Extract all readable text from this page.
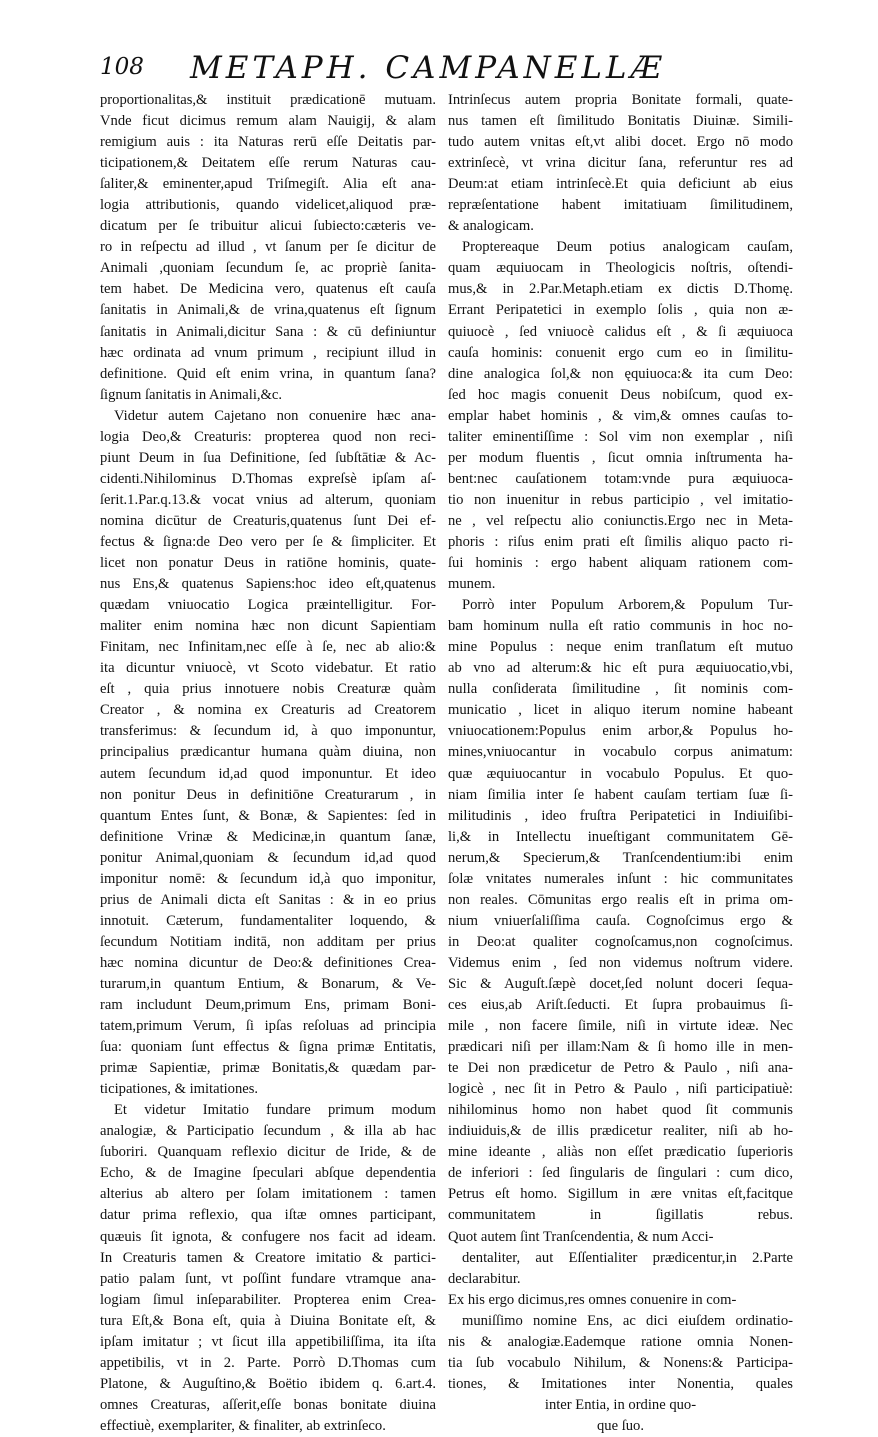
108 METAPH. CAMPANELLÆ

proportionalitas,& instituit prædicationē mutuam.

Vnde ficut dicimus remum alam Nauigij, & alam

remigium auis : ita Naturas rerū eſſe Deitatis par-

ticipationem,& Deitatem eſſe rerum Naturas cau-

ſaliter,& eminenter,apud Triſmegiſt. Alia eſt ana-

logia attributionis, quando videlicet,aliquod præ-

dicatum per ſe tribuitur alicui ſubiecto:cæteris ve-

ro in reſpectu ad illud , vt ſanum per ſe dicitur de

Animali ,quoniam ſecundum ſe, ac propriè ſanita-

tem habet. De Medicina vero, quatenus eſt cauſa

ſanitatis in Animali,& de vrina,quatenus eſt ſignum

ſanitatis in Animali,dicitur Sana : & cū definiuntur

hæc ordinata ad vnum primum , recipiunt illud in

definitione. Quid eſt enim vrina, in quantum ſana?

ſignum ſanitatis in Animali,&c.

Videtur autem Cajetano non conuenire hæc ana-

logia Deo,& Creaturis: propterea quod non reci-

piunt Deum in ſua Definitione, ſed ſubſtātiæ & Ac-

cidenti.Nihilominus D.Thomas expreſsè ipſam aſ-

ſerit.1.Par.q.13.& vocat vnius ad alterum, quoniam

nomina dicūtur de Creaturis,quatenus ſunt Dei ef-

fectus & ſigna:de Deo vero per ſe & ſimpliciter. Et

licet non ponatur Deus in ratiōne hominis, quate-

nus Ens,& quatenus Sapiens:hoc ideo eſt,quatenus

quædam vniuocatio Logica præintelligitur. For-

maliter enim nomina hæc non dicunt Sapientiam

Finitam, nec Infinitam,nec eſſe à ſe, nec ab alio:&

ita dicuntur vniuocè, vt Scoto videbatur. Et ratio

eſt , quia prius innotuere nobis Creaturæ quàm

Creator , & nomina ex Creaturis ad Creatorem

transferimus: & ſecundum id, à quo imponuntur,

principalius prædicantur humana quàm diuina, non

autem ſecundum id,ad quod imponuntur. Et ideo

non ponitur Deus in definitiōne Creaturarum , in

quantum Entes ſunt, & Bonæ, & Sapientes: ſed in

definitione Vrinæ & Medicinæ,in quantum ſanæ,

ponitur Animal,quoniam & ſecundum id,ad quod

imponitur nomē: & ſecundum id,à quo imponitur,

prius de Animali dicta eſt Sanitas : & in eo prius

innotuit. Cæterum, fundamentaliter loquendo, &

ſecundum Notitiam inditā, non additam per prius

hæc nomina dicuntur de Deo:& definitiones Crea-

turarum,in quantum Entium, & Bonarum, & Ve-

ram includunt Deum,primum Ens, primam Boni-

tatem,primum Verum, ſi ipſas reſoluas ad principia

ſua: quoniam ſunt effectus & ſigna primæ Entitatis,

primæ Sapientiæ, primæ Bonitatis,& quædam par-

ticipationes, & imitationes.

Et videtur Imitatio fundare primum modum

analogiæ, & Participatio ſecundum , & illa ab hac

ſuboriri. Quanquam reflexio dicitur de Iride, & de

Echo, & de Imagine ſpeculari abſque dependentia

alterius ab altero per ſolam imitationem : tamen

datur prima reflexio, qua iſtæ omnes participant,

quæuis ſit ignota, & confugere nos facit ad ideam.

In Creaturis tamen & Creatore imitatio & partici-

patio palam ſunt, vt poſſint fundare vtramque ana-

logiam ſimul inſeparabiliter. Propterea enim Crea-

tura Eſt,& Bona eſt, quia à Diuina Bonitate eſt, &

ipſam imitatur ; vt ſicut illa appetibiliſſima, ita iſta

appetibilis, vt in 2. Parte. Porrò D.Thomas cum

Platone, & Auguſtino,& Boëtio ibidem q. 6.art.4.

omnes Creaturas, aſſerit,eſſe bonas bonitate diuina

effectiuè, exemplariter, & finaliter, ab extrinſeco.

Intrinſecus autem propria Bonitate formali, quate-

nus tamen eſt ſimilitudo Bonitatis Diuinæ. Simili-

tudo autem vnitas eſt,vt alibi docet. Ergo nō modo

extrinſecè, vt vrina dicitur ſana, referuntur res ad

Deum:at etiam intrinſecè.Et quia deficiunt ab eius

repræſentatione habent imitatiuam ſimilitudinem,

& analogicam.

Proptereaque Deum potius analogicam cauſam,

quam æquiuocam in Theologicis noſtris, oſtendi-

mus,& in 2.Par.Metaph.etiam ex dictis D.Thomę.

Errant Peripatetici in exemplo ſolis , quia non æ-

quiuocè , ſed vniuocè calidus eſt , & ſi æquiuoca

cauſa hominis: conuenit ergo cum eo in ſimilitu-

dine analogica ſol,& non ęquiuoca:& ita cum Deo:

ſed hoc magis conuenit Deus nobiſcum, quod ex-

emplar habet hominis , & vim,& omnes cauſas to-

taliter eminentiſſime : Sol vim non exemplar , niſi

per modum fluentis , ſicut omnia inſtrumenta ha-

bent:nec cauſationem totam:vnde pura æquiuoca-

tio non inuenitur in rebus participio , vel imitatio-

ne , vel reſpectu alio coniunctis.Ergo nec in Meta-

phoris : riſus enim prati eſt ſimilis aliquo pacto ri-

ſui hominis : ergo habent aliquam rationem com-

munem.

Porrò inter Populum Arborem,& Populum Tur-

bam hominum nulla eſt ratio communis in hoc no-

mine Populus : neque enim tranſlatum eſt mutuo

ab vno ad alterum:& hic eſt pura æquiuocatio,vbi,

nulla conſiderata ſimilitudine , ſit nominis com-

municatio , licet in aliquo iterum nomine habeant

vniuocationem:Populus enim arbor,& Populus ho-

mines,vniuocantur in vocabulo corpus animatum:

quæ æquiuocantur in vocabulo Populus. Et quo-

niam ſimilia inter ſe habent cauſam tertiam ſuæ ſi-

militudinis , ideo fruſtra Peripatetici in Indiuiſibi-

li,& in Intellectu inueſtigant communitatem Gē-

nerum,& Specierum,& Tranſcendentium:ibi enim

ſolæ vnitates numerales inſunt : hic communitates

non reales. Cōmunitas ergo realis eſt in prima om-

nium vniuerſaliſſima cauſa. Cognoſcimus ergo &

in Deo:at qualiter cognoſcamus,non cognoſcimus.

Videmus enim , ſed non videmus noſtrum videre.

Sic & Auguſt.ſæpè docet,ſed nolunt doceri ſequa-

ces eius,ab Ariſt.ſeducti. Et ſupra probauimus ſi-

mile , non facere ſimile, niſi in virtute ideæ. Nec

prædicari niſi per illam:Nam & ſi homo ille in men-

te Dei non prædicetur de Petro & Paulo , niſi ana-

logicè , nec ſit in Petro & Paulo , niſi participatiuè:

nihilominus homo non habet quod ſit communis

indiuiduis,& de illis prædicetur realiter, niſi ab ho-

mine ideante , aliàs non eſſet prædicatio ſuperioris

de inferiori : ſed ſingularis de ſingulari : cum dico,

Petrus eſt homo. Sigillum in ære vnitas eſt,facitque

communitatem in ſigillatis rebus.

Quot autem ſint Tranſcendentia, & num Acci-

dentaliter, aut Eſſentialiter prædicentur,in 2.Parte

declarabitur.

Ex his ergo dicimus,res omnes conuenire in com-

muniſſimo nomine Ens, ac dici eiuſdem ordinatio-

nis & analogiæ.Eademque ratione omnia Nonen-

tia ſub vocabulo Nihilum, & Nonens:& Participa-

tiones, & Imitationes inter Nonentia, quales

inter Entia, in ordine quo-

que ſuo.
